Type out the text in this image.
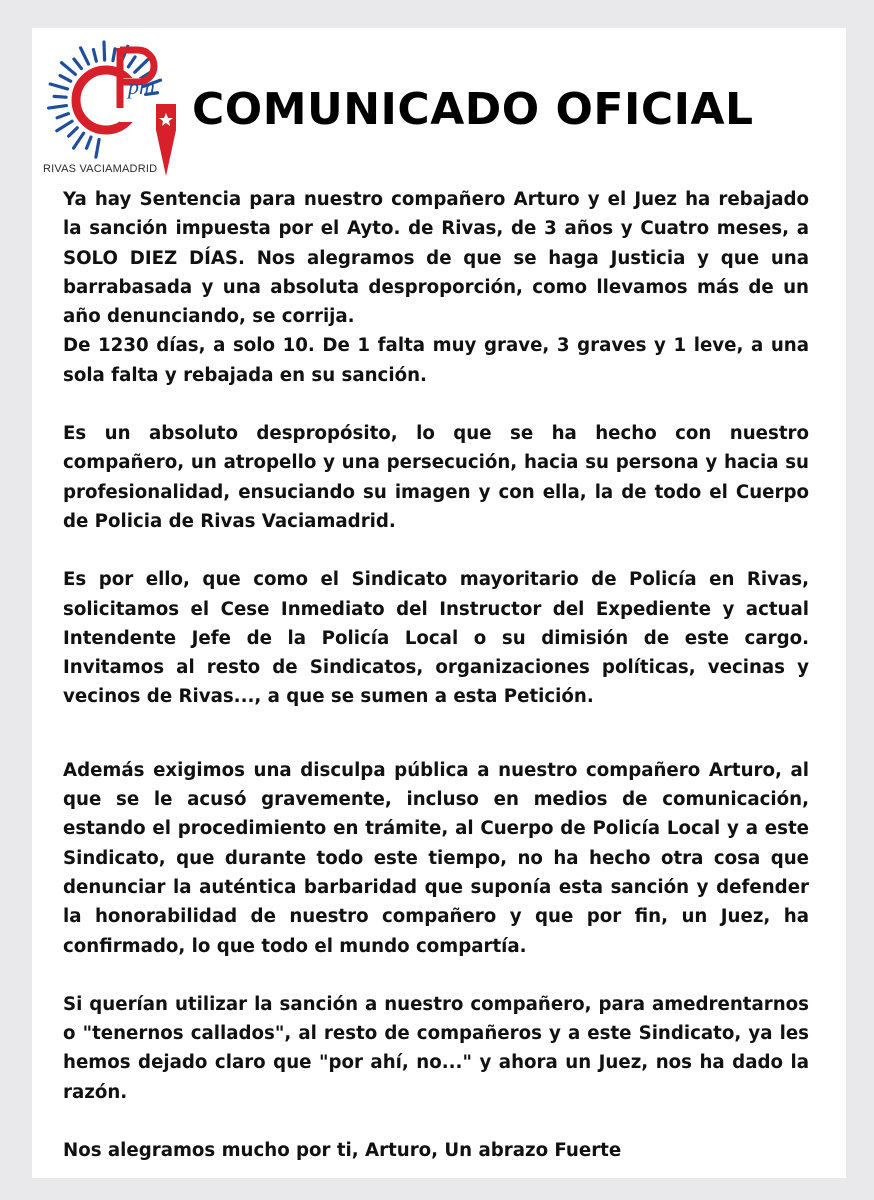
pm
RIVAS VACIAMADRID
COMUNICADO OFICIAL

Ya hay Sentencia para nuestro compañero Arturo y el Juez ha rebajado la sanción impuesta por el Ayto. de Rivas, de 3 años y Cuatro meses, a SOLO DIEZ DÍAS. Nos alegramos de que se haga Justicia y que una barrabasada y una absoluta desproporción, como llevamos más de un año denunciando, se corrija.

De 1230 días, a solo 10. De 1 falta muy grave, 3 graves y 1 leve, a una sola falta y rebajada en su sanción.

Es un absoluto despropósito, lo que se ha hecho con nuestro compañero, un atropello y una persecución, hacia su persona y hacia su profesionalidad, ensuciando su imagen y con ella, la de todo el Cuerpo de Policia de Rivas Vaciamadrid.

Es por ello, que como el Sindicato mayoritario de Policía en Rivas, solicitamos el Cese Inmediato del Instructor del Expediente y actual Intendente Jefe de la Policía Local o su dimisión de este cargo. Invitamos al resto de Sindicatos, organizaciones políticas, vecinas y vecinos de Rivas..., a que se sumen a esta Petición.

Además exigimos una disculpa pública a nuestro compañero Arturo, al que se le acusó gravemente, incluso en medios de comunicación, estando el procedimiento en trámite, al Cuerpo de Policía Local y a este Sindicato, que durante todo este tiempo, no ha hecho otra cosa que denunciar la auténtica barbaridad que suponía esta sanción y defender la honorabilidad de nuestro compañero y que por fin, un Juez, ha confirmado, lo que todo el mundo compartía.

Si querían utilizar la sanción a nuestro compañero, para amedrentarnos o "tenernos callados", al resto de compañeros y a este Sindicato, ya les hemos dejado claro que "por ahí, no..." y ahora un Juez, nos ha dado la razón.

Nos alegramos mucho por ti, Arturo, Un abrazo Fuerte
